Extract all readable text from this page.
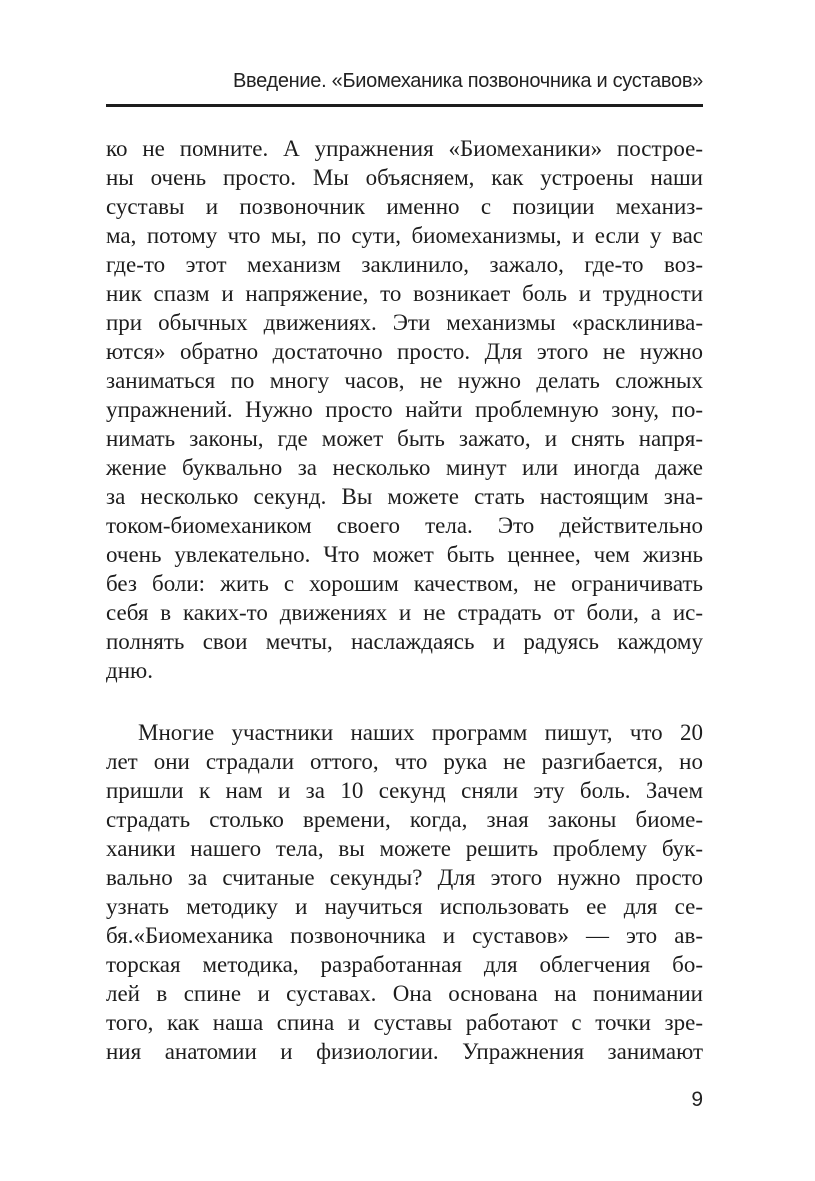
Введение. «Биомеханика позвоночника и суставов»
ко не помните. А упражнения «Биомеханики» построе-
ны очень просто. Мы объясняем, как устроены наши
суставы и позвоночник именно с позиции механиз-
ма, потому что мы, по сути, биомеханизмы, и если у вас
где-то этот механизм заклинило, зажало, где-то воз-
ник спазм и напряжение, то возникает боль и трудности
при обычных движениях. Эти механизмы «расклинива-
ются» обратно достаточно просто. Для этого не нужно
заниматься по многу часов, не нужно делать сложных
упражнений. Нужно просто найти проблемную зону, по-
нимать законы, где может быть зажато, и снять напря-
жение буквально за несколько минут или иногда даже
за несколько секунд. Вы можете стать настоящим зна-
током-биомехаником своего тела. Это действительно
очень увлекательно. Что может быть ценнее, чем жизнь
без боли: жить с хорошим качеством, не ограничивать
себя в каких-то движениях и не страдать от боли, а ис-
полнять свои мечты, наслаждаясь и радуясь каждому
дню.
Многие участники наших программ пишут, что 20
лет они страдали оттого, что рука не разгибается, но
пришли к нам и за 10 секунд сняли эту боль. Зачем
страдать столько времени, когда, зная законы биоме-
ханики нашего тела, вы можете решить проблему бук-
вально за считаные секунды? Для этого нужно просто
узнать методику и научиться использовать ее для се-
бя.«Биомеханика позвоночника и суставов» — это ав-
торская методика, разработанная для облегчения бо-
лей в спине и суставах. Она основана на понимании
того, как наша спина и суставы работают с точки зре-
ния анатомии и физиологии. Упражнения занимают
9
